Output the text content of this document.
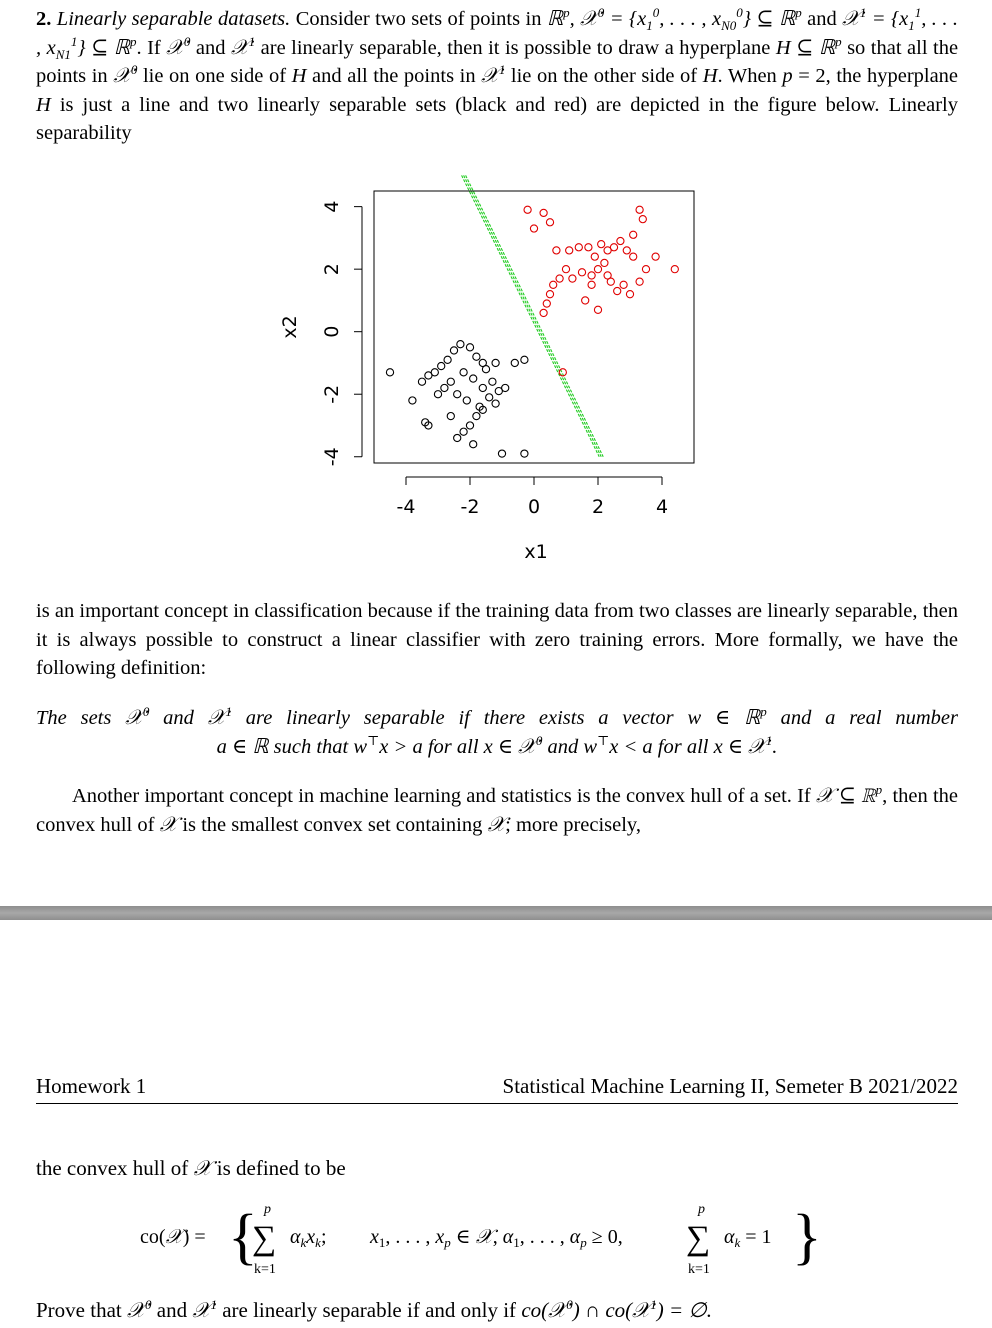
2. Linearly separable datasets. Consider two sets of points in ℝ$^p$, 𝒳$^0$ = {$x_1^0$, . . . , $x_{N0}^0$} ⊆ ℝ$^p$ and 𝒳$^1$ = {$x_1^1$, . . . , $x_{N1}^1$} ⊆ ℝ$^p$. If 𝒳$^0$ and 𝒳$^1$ are linearly separable, then it is possible to draw a hyperplane H ⊆ ℝ$^p$ so that all the points in 𝒳$^0$ lie on one side of H and all the points in 𝒳$^1$ lie on the other side of H. When p = 2, the hyperplane H is just a line and two linearly separable sets (black and red) are depicted in the figure below. Linearly separability
-4 -2	0	2	4
-4
-2
0
2
4
x1
x2
is an important concept in classification because if the training data from two classes are linearly separable, then it is always possible to construct a linear classifier with zero training errors. More formally, we have the following definition:
The sets 𝒳$^0$ and 𝒳$^1$ are linearly separable if there exists a vector w ∈ ℝ$^p$ and a real number
a ∈ ℝ such that w⊤x > a for all x ∈ 𝒳$^0$ and w⊤x < a for all x ∈ 𝒳$^1$.
Another important concept in machine learning and statistics is the convex hull of a set. If 𝒳 ⊆ ℝ$^p$, then the convex hull of 𝒳 is the smallest convex set containing 𝒳; more precisely,
Homework 1	Statistical Machine Learning II, Semeter B 2021/2022
the convex hull of 𝒳 is defined to be
co(𝒳) = { p
∑
k=1
$\alpha_kx_k$; $x_1$, . . . , $x_p$ ∈ 𝒳, $\alpha_1$, . . . , $\alpha_p \ge 0$,
p
∑
k=1
$\alpha_k = 1$ }
Prove that 𝒳$^0$ and 𝒳$^1$ are linearly separable if and only if co(𝒳$^0$) ∩ co(𝒳$^1$) = ∅.
